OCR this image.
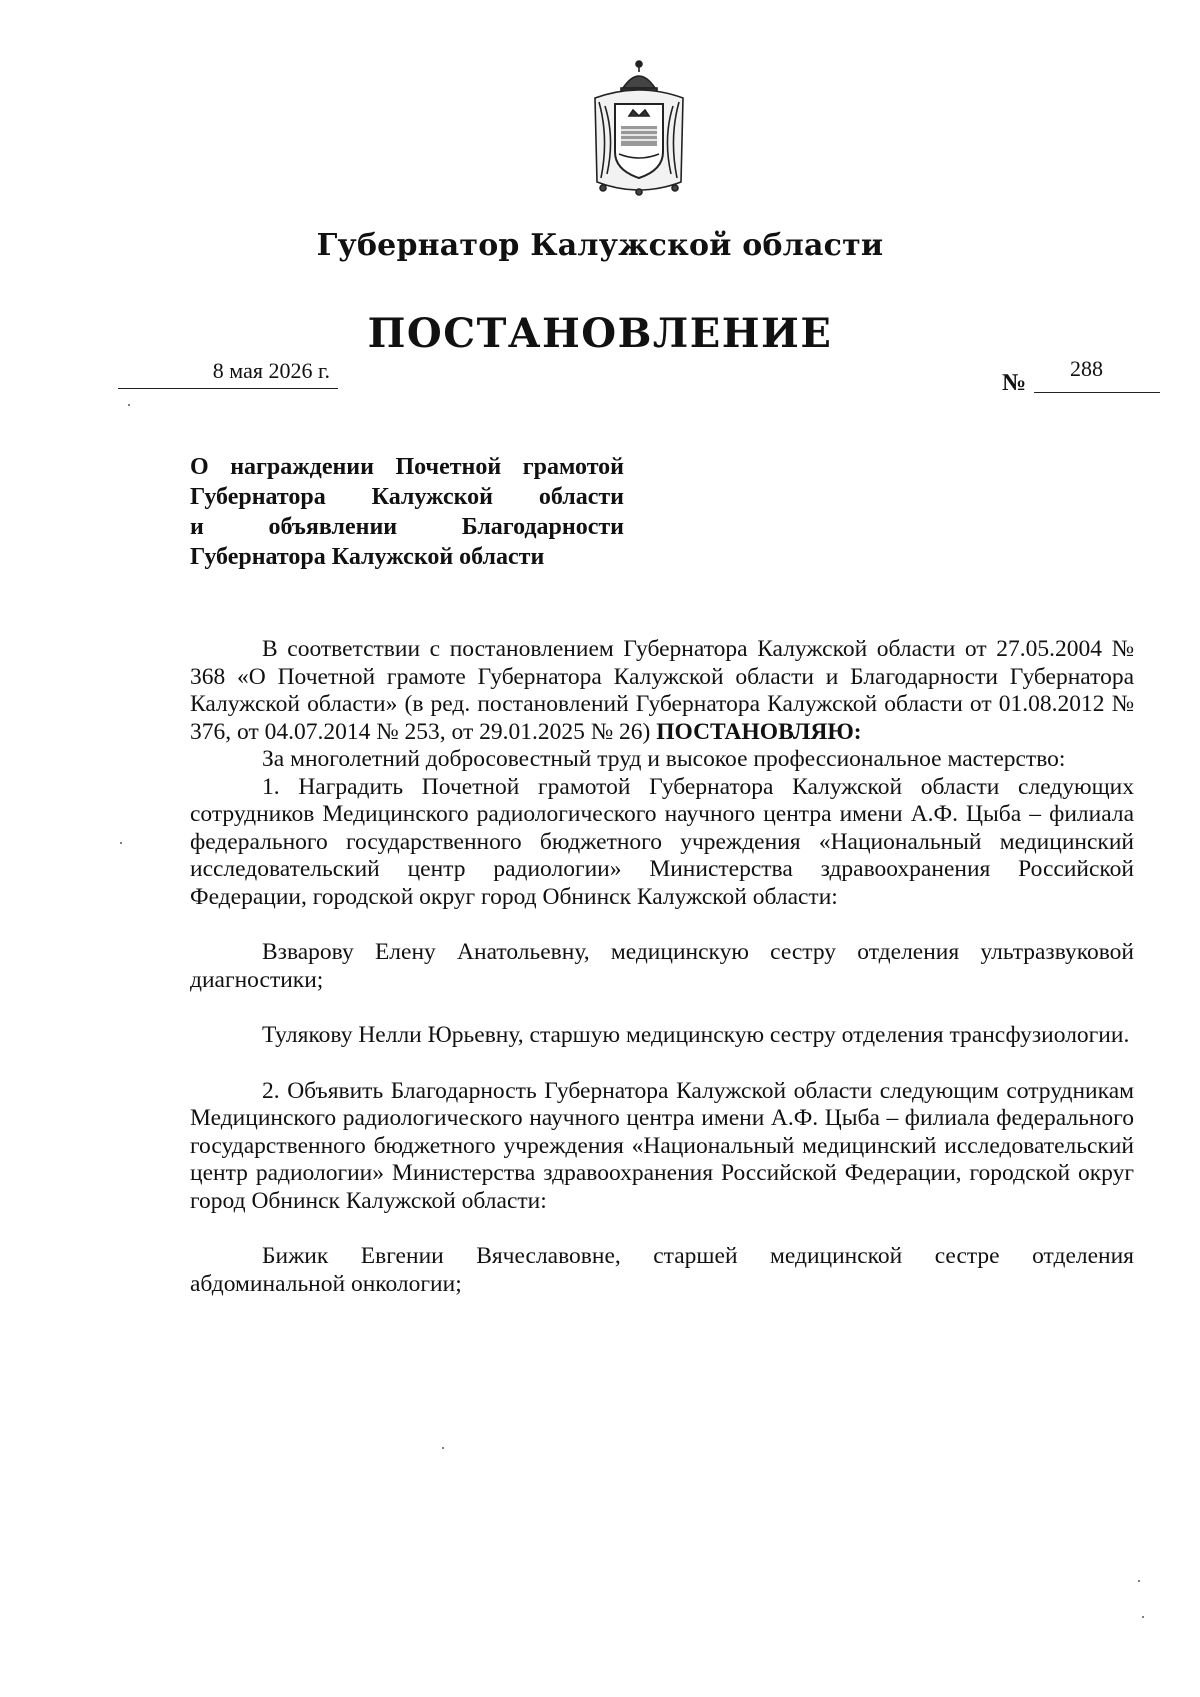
Губернатор Калужской области
ПОСТАНОВЛЕНИЕ
8 мая 2026 г.	№
288
О награждении Почетной грамотой
Губернатора Калужской области
и объявлении Благодарности
Губернатора Калужской области
В соответствии с постановлением Губернатора Калужской области от 27.05.2004 № 368 «О Почетной грамоте Губернатора Калужской области и Благодарности Губернатора Калужской области» (в ред. постановлений Губернатора Калужской области от 01.08.2012 № 376, от 04.07.2014 № 253, от 29.01.2025 № 26) ПОСТАНОВЛЯЮ:
За многолетний добросовестный труд и высокое профессиональное мастерство:
1. Наградить Почетной грамотой Губернатора Калужской области следующих сотрудников Медицинского радиологического научного центра имени А.Ф. Цыба – филиала федерального государственного бюджетного учреждения «Национальный медицинский исследовательский центр радиологии» Министерства здравоохранения Российской Федерации, городской округ город Обнинск Калужской области:
Взварову Елену Анатольевну, медицинскую сестру отделения ультразвуковой диагностики;
Тулякову Нелли Юрьевну, старшую медицинскую сестру отделения трансфузиологии.
2. Объявить Благодарность Губернатора Калужской области следующим сотрудникам Медицинского радиологического научного центра имени А.Ф. Цыба – филиала федерального государственного бюджетного учреждения «Национальный медицинский исследовательский центр радиологии» Министерства здравоохранения Российской Федерации, городской округ город Обнинск Калужской области:
Бижик Евгении Вячеславовне, старшей медицинской сестре отделения абдоминальной онкологии;
